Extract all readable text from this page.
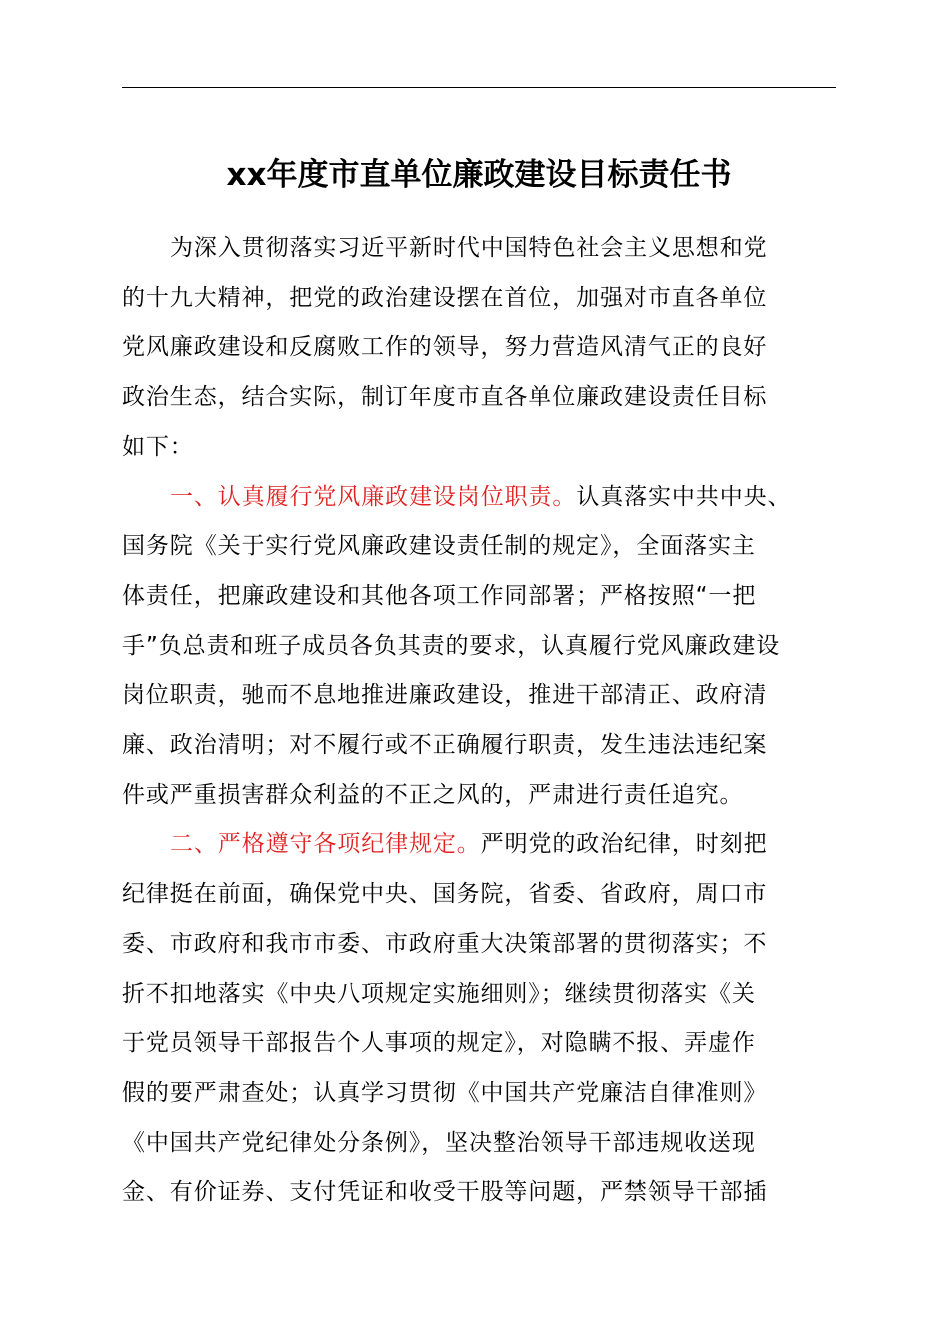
xx年度市直单位廉政建设目标责任书
为深入贯彻落实习近平新时代中国特色社会主义思想和党
的十九大精神，把党的政治建设摆在首位，加强对市直各单位
党风廉政建设和反腐败工作的领导，努力营造风清气正的良好
政治生态，结合实际，制订年度市直各单位廉政建设责任目标
如下：
一、认真履行党风廉政建设岗位职责。认真落实中共中央、
国务院《关于实行党风廉政建设责任制的规定》，全面落实主
体责任，把廉政建设和其他各项工作同部署；严格按照“一把
手”负总责和班子成员各负其责的要求，认真履行党风廉政建设
岗位职责，驰而不息地推进廉政建设，推进干部清正、政府清
廉、政治清明；对不履行或不正确履行职责，发生违法违纪案
件或严重损害群众利益的不正之风的，严肃进行责任追究。
二、严格遵守各项纪律规定。严明党的政治纪律，时刻把
纪律挺在前面，确保党中央、国务院，省委、省政府，周口市
委、市政府和我市市委、市政府重大决策部署的贯彻落实；不
折不扣地落实《中央八项规定实施细则》；继续贯彻落实《关
于党员领导干部报告个人事项的规定》，对隐瞒不报、弄虚作
假的要严肃查处；认真学习贯彻《中国共产党廉洁自律准则》
《中国共产党纪律处分条例》，坚决整治领导干部违规收送现
金、有价证券、支付凭证和收受干股等问题，严禁领导干部插
